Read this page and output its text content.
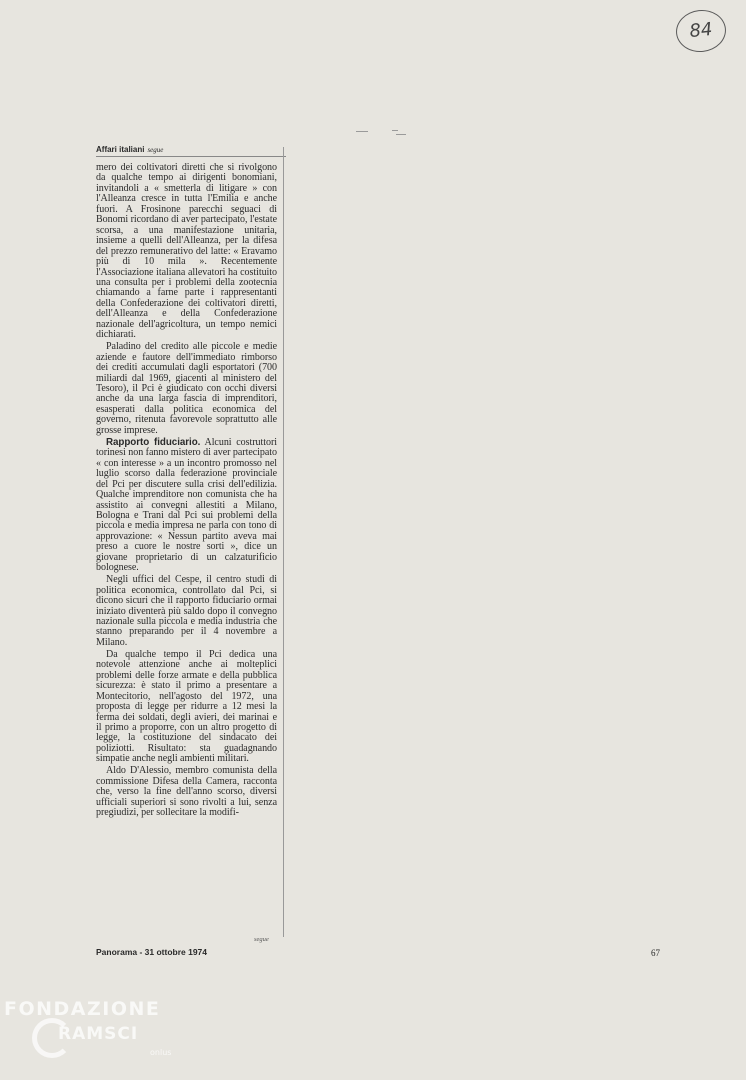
84
Affari italiani segue

mero dei coltivatori diretti che si rivolgono da qualche tempo ai dirigenti bonomiani, invitandoli a « smetterla di litigare » con l'Alleanza cresce in tutta l'Emilia e anche fuori. A Frosinone parecchi seguaci di Bonomi ricordano di aver partecipato, l'estate scorsa, a una manifestazione unitaria, insieme a quelli dell'Alleanza, per la difesa del prezzo remunerativo del latte: « Eravamo più di 10 mila ». Recentemente l'Associazione italiana allevatori ha costituito una consulta per i problemi della zootecnia chiamando a farne parte i rappresentanti della Confederazione dei coltivatori diretti, dell'Alleanza e della Confederazione nazionale dell'agricoltura, un tempo nemici dichiarati.

Paladino del credito alle piccole e medie aziende e fautore dell'immediato rimborso dei crediti accumulati dagli esportatori (700 miliardi dal 1969, giacenti al ministero del Tesoro), il Pci è giudicato con occhi diversi anche da una larga fascia di imprenditori, esasperati dalla politica economica del governo, ritenuta favorevole soprattutto alle grosse imprese.

Rapporto fiduciario. Alcuni costruttori torinesi non fanno mistero di aver partecipato « con interesse » a un incontro promosso nel luglio scorso dalla federazione provinciale del Pci per discutere sulla crisi dell'edilizia. Qualche imprenditore non comunista che ha assistito ai convegni allestiti a Milano, Bologna e Trani dal Pci sui problemi della piccola e media impresa ne parla con tono di approvazione: « Nessun partito aveva mai preso a cuore le nostre sorti », dice un giovane proprietario di un calzaturificio bolognese.

Negli uffici del Cespe, il centro studi di politica economica, controllato dal Pci, si dicono sicuri che il rapporto fiduciario ormai iniziato diventerà più saldo dopo il convegno nazionale sulla piccola e media industria che stanno preparando per il 4 novembre a Milano.

Da qualche tempo il Pci dedica una notevole attenzione anche ai molteplici problemi delle forze armate e della pubblica sicurezza: è stato il primo a presentare a Montecitorio, nell'agosto del 1972, una proposta di legge per ridurre a 12 mesi la ferma dei soldati, degli avieri, dei marinai e il primo a proporre, con un altro progetto di legge, la costituzione del sindacato dei poliziotti. Risultato: sta guadagnando simpatie anche negli ambienti militari.

Aldo D'Alessio, membro comunista della commissione Difesa della Camera, racconta che, verso la fine dell'anno scorso, diversi ufficiali superiori si sono rivolti a lui, senza pregiudizi, per sollecitare la modifi-

segue
Panorama - 31 ottobre 1974	67
FONDAZIONE
RAMSCI
onlus
